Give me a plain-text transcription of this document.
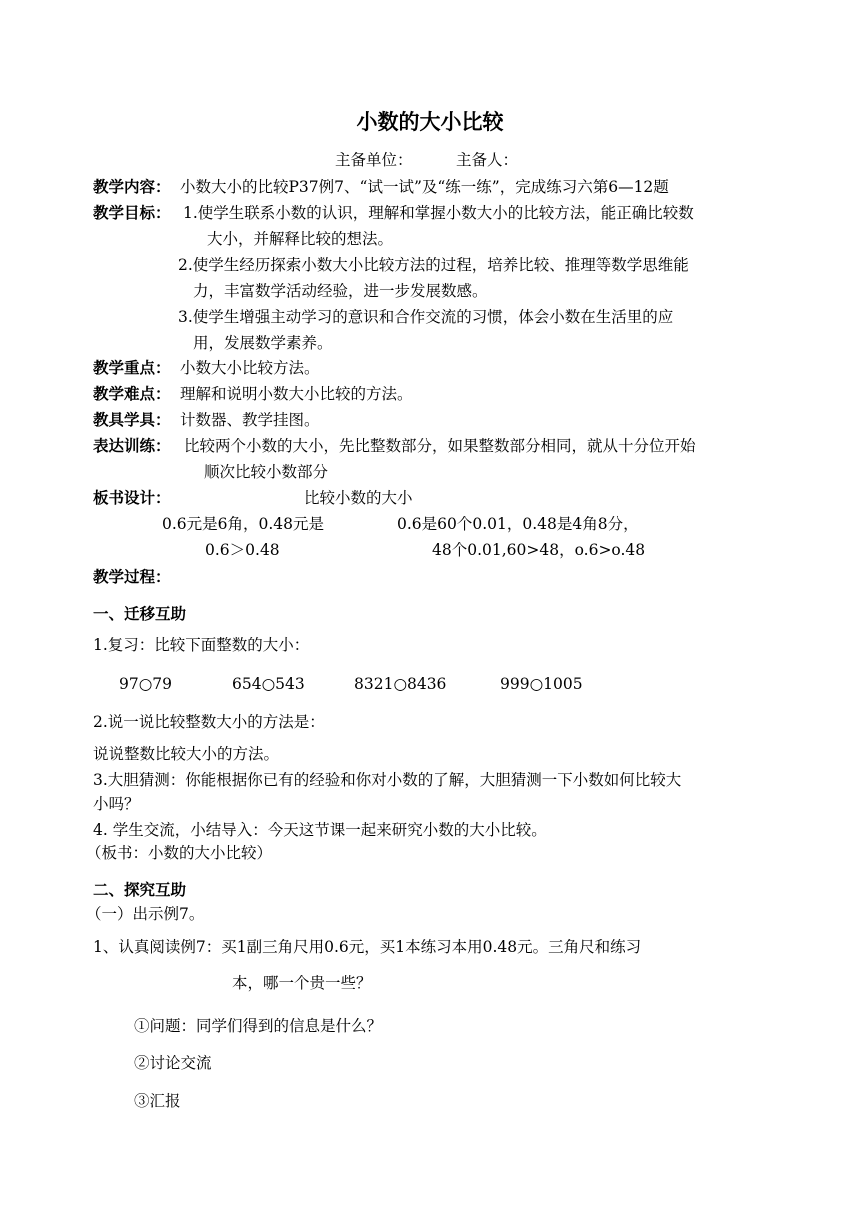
小数的大小比较
主备单位：	主备人：
教学内容： 小数大小的比较P37例7、“试一试”及“练一练”，完成练习六第6—12题
教学目标： 1.使学生联系小数的认识，理解和掌握小数大小的比较方法，能正确比较数
大小，并解释比较的想法。
2.使学生经历探索小数大小比较方法的过程，培养比较、推理等数学思维能
力，丰富数学活动经验，进一步发展数感。
3.使学生增强主动学习的意识和合作交流的习惯，体会小数在生活里的应
用，发展数学素养。
教学重点： 小数大小比较方法。
教学难点： 理解和说明小数大小比较的方法。
教具学具： 计数器、教学挂图。
表达训练： 比较两个小数的大小，先比整数部分，如果整数部分相同，就从十分位开始
顺次比较小数部分
板书设计：	比较小数的大小
0.6元是6角，0.48元是	0.6是60个0.01，0.48是4角8分，
0.6＞0.48	48个0.01,60>48，o.6>o.48
教学过程：
一、迁移互助
1.复习：比较下面整数的大小：
97○79	654○543	8321○8436	999○1005
2.说一说比较整数大小的方法是：
说说整数比较大小的方法。
3.大胆猜测：你能根据你已有的经验和你对小数的了解，大胆猜测一下小数如何比较大
小吗？
4. 学生交流，小结导入：今天这节课一起来研究小数的大小比较。
（板书：小数的大小比较）
二、探究互助
（一）出示例7。
1、认真阅读例7：买1副三角尺用0.6元，买1本练习本用0.48元。三角尺和练习
本，哪一个贵一些？
①问题：同学们得到的信息是什么？
②讨论交流
③汇报
